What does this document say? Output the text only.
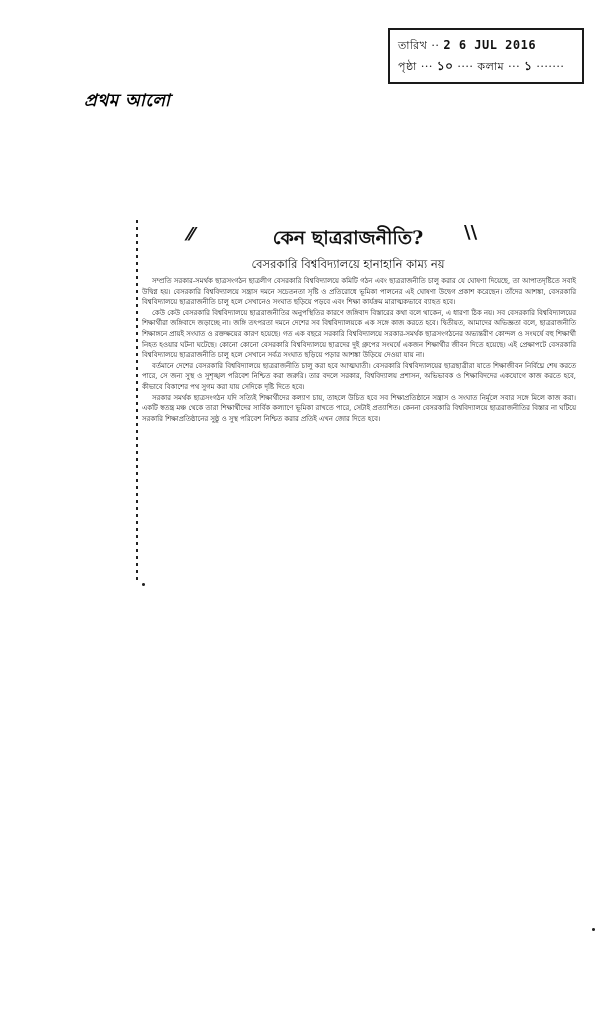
তারিখ ·· 2 6 JUL 2016
পৃষ্ঠা ··· ১০ ···· কলাম ··· ১ ·······
প্রথম আলো
⁄⁄	কেন ছাত্ররাজনীতি?	\\
বেসরকারি বিশ্ববিদ্যালয়ে হানাহানি কাম্য নয়

সম্প্রতি সরকার-সমর্থক ছাত্রসংগঠন ছাত্রলীগ বেসরকারি বিশ্ববিদ্যালয়ে কমিটি গঠন এবং ছাত্ররাজনীতি চালু করার যে ঘোষণা দিয়েছে, তা আপাতদৃষ্টিতে সবাই উদ্বিগ্ন হয়। বেসরকারি বিশ্ববিদ্যালয়ে সন্ত্রাস দমনে সচেতনতা সৃষ্টি ও প্রতিরোধে ভূমিকা পালনের এই ঘোষণা উদ্বেগ প্রকাশ করেছেন। তাঁদের আশঙ্কা, বেসরকারি বিশ্ববিদ্যালয়ে ছাত্ররাজনীতি চালু হলে সেখানেও সংঘাত ছড়িয়ে পড়বে এবং শিক্ষা কার্যক্রম মারাত্মকভাবে ব্যাহত হবে।

কেউ কেউ বেসরকারি বিশ্ববিদ্যালয়ে ছাত্ররাজনীতির অনুপস্থিতির কারণে জঙ্গিবাদ বিস্তারের কথা বলে থাকেন, এ ধারণা ঠিক নয়। সব বেসরকারি বিশ্ববিদ্যালয়ের শিক্ষার্থীরা জঙ্গিবাদে জড়াচ্ছে না। জঙ্গি তৎপরতা দমনে দেশের সব বিশ্ববিদ্যালয়কে এক সঙ্গে কাজ করতে হবে। দ্বিতীয়ত, আমাদের অভিজ্ঞতা বলে, ছাত্ররাজনীতি শিক্ষাঙ্গনে প্রায়ই সংঘাত ও রক্তক্ষয়ের কারণ হয়েছে। গত এক বছরে সরকারি বিশ্ববিদ্যালয়ে সরকার-সমর্থক ছাত্রসংগঠনের অভ্যন্তরীণ কোন্দল ও সংঘর্ষে বহু শিক্ষার্থী নিহত হওয়ার ঘটনা ঘটেছে। কোনো কোনো বেসরকারি বিশ্ববিদ্যালয়ে ছাত্রদের দুই গ্রুপের সংঘর্ষে একজন শিক্ষার্থীর জীবন দিতে হয়েছে। এই প্রেক্ষাপটে বেসরকারি বিশ্ববিদ্যালয়ে ছাত্ররাজনীতি চালু হলে সেখানে সর্বত্র সংঘাত ছড়িয়ে পড়ার আশঙ্কা উড়িয়ে দেওয়া যায় না।

বর্তমানে দেশের বেসরকারি বিশ্ববিদ্যালয়ে ছাত্ররাজনীতি চালু করা হবে আত্মঘাতী। বেসরকারি বিশ্ববিদ্যালয়ের ছাত্রছাত্রীরা যাতে শিক্ষাজীবন নির্বিঘ্নে শেষ করতে পারে, সে জন্য সুস্থ ও সুশৃঙ্খল পরিবেশ নিশ্চিত করা জরুরি। তার বদলে সরকার, বিশ্ববিদ্যালয় প্রশাসন, অভিভাবক ও শিক্ষাবিদদের একযোগে কাজ করতে হবে, কীভাবে বিকাশের পথ সুগম করা যায় সেদিকে দৃষ্টি দিতে হবে।

সরকার সমর্থক ছাত্রসংগঠন যদি সত্যিই শিক্ষার্থীদের কল্যাণ চায়, তাহলে উচিত হবে সব শিক্ষাপ্রতিষ্ঠানে সন্ত্রাস ও সংঘাত নির্মূলে সবার সঙ্গে মিলে কাজ করা। একটি স্বতন্ত্র মঞ্চ থেকে তারা শিক্ষার্থীদের সার্বিক কল্যাণে ভূমিকা রাখতে পারে, সেটাই প্রত্যাশিত। কেননা বেসরকারি বিশ্ববিদ্যালয়ে ছাত্ররাজনীতির বিস্তার না ঘটিয়ে সরকারি শিক্ষাপ্রতিষ্ঠানের সুষ্ঠু ও সুস্থ পরিবেশ নিশ্চিত করার প্রতিই এখন জোর দিতে হবে।
